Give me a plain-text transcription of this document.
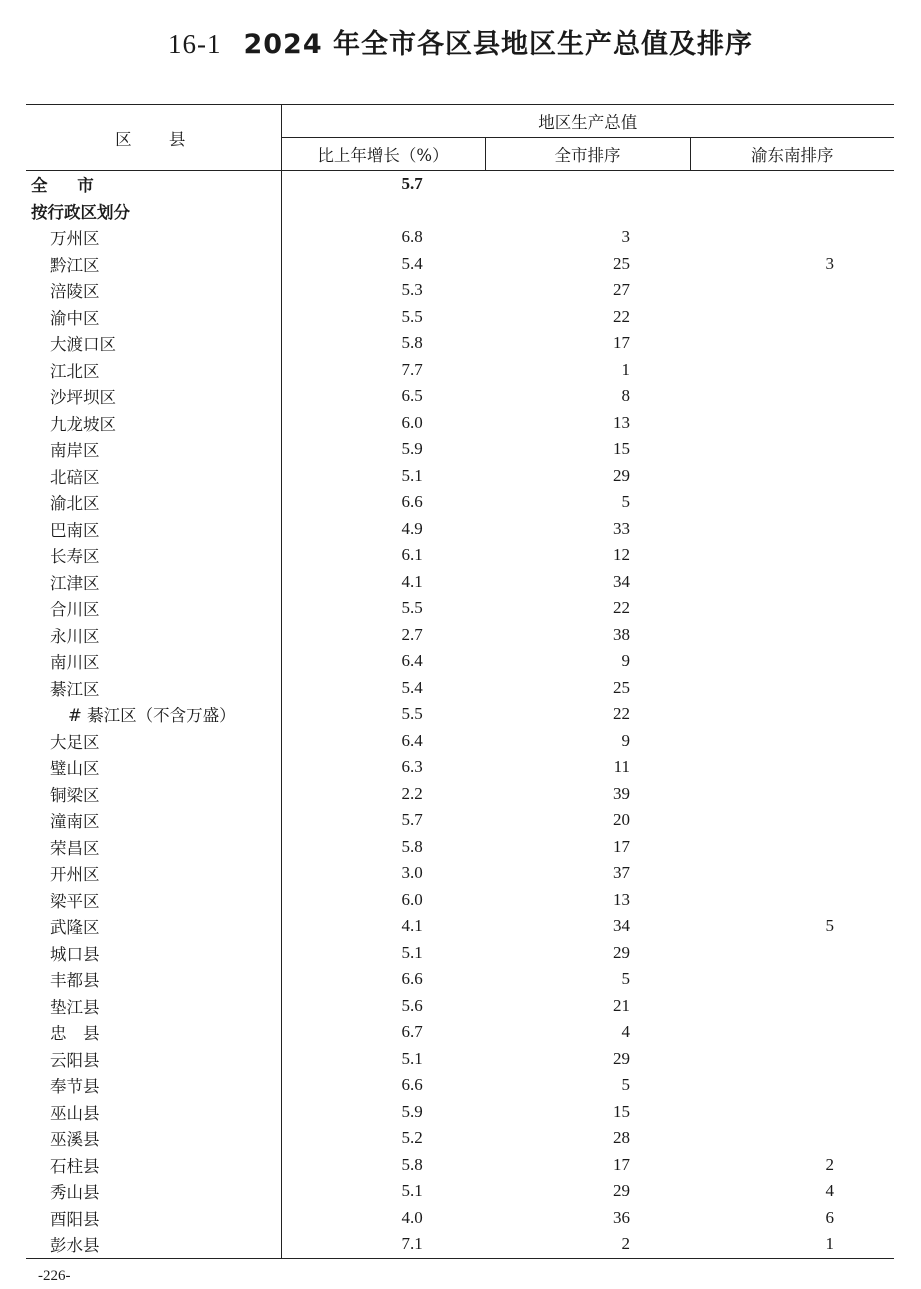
16-1 2024 年全市各区县地区生产总值及排序
区 县	地区生产总值		
	比上年增长（%）	全市排序	渝东南排序
全 市	5.7		
按行政区划分			
万州区	6.8	3	
黔江区	5.4	25	3
涪陵区	5.3	27	
渝中区	5.5	22	
大渡口区	5.8	17	
江北区	7.7	1	
沙坪坝区	6.5	8	
九龙坡区	6.0	13	
南岸区	5.9	15	
北碚区	5.1	29	
渝北区	6.6	5	
巴南区	4.9	33	
长寿区	6.1	12	
江津区	4.1	34	
合川区	5.5	22	
永川区	2.7	38	
南川区	6.4	9	
綦江区	5.4	25	
# 綦江区（不含万盛）	5.5	22	
大足区	6.4	9	
璧山区	6.3	11	
铜梁区	2.2	39	
潼南区	5.7	20	
荣昌区	5.8	17	
开州区	3.0	37	
梁平区	6.0	13	
武隆区	4.1	34	5
城口县	5.1	29	
丰都县	6.6	5	
垫江县	5.6	21	
忠　县	6.7	4	
云阳县	5.1	29	
奉节县	6.6	5	
巫山县	5.9	15	
巫溪县	5.2	28	
石柱县	5.8	17	2
秀山县	5.1	29	4
酉阳县	4.0	36	6
彭水县	7.1	2	1
-226-
